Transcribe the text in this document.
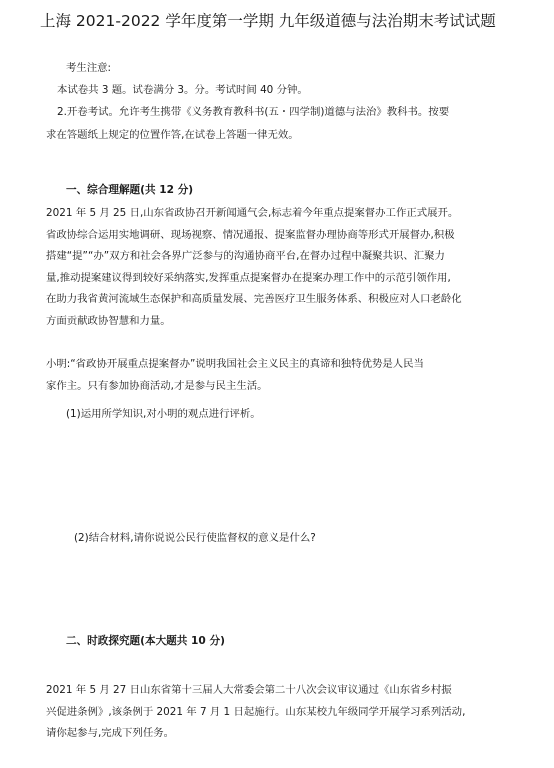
上海 2021-2022 学年度第一学期 九年级道德与法治期末考试试题
考生注意:
本试卷共 3 题。试卷满分 3。分。考试时间 40 分钟。
2.开卷考试。允许考生携带《义务教育教科书(五・四学制)道德与法治》教科书。按要
求在答题纸上规定的位置作答,在试卷上答题一律无效。
一、综合理解题(共 12 分)
2021 年 5 月 25 日,山东省政协召开新闻通气会,标志着今年重点提案督办工作正式展开。
省政协综合运用实地调研、现场视察、情况通报、提案监督办理协商等形式开展督办,积极
搭建“提”“办”双方和社会各界广泛参与的沟通协商平台,在督办过程中凝聚共识、汇聚力
量,推动提案建议得到较好采纳落实,发挥重点提案督办在提案办理工作中的示范引领作用,
在助力我省黄河流域生态保护和高质量发展、完善医疗卫生服务体系、积极应对人口老龄化
方面贡献政协智慧和力量。
小明:“省政协开展重点提案督办”说明我国社会主义民主的真谛和独特优势是人民当
家作主。只有参加协商活动,才是参与民主生活。
(1)运用所学知识,对小明的观点进行评析。
(2)结合材料,请你说说公民行使监督权的意义是什么?
二、时政探究题(本大题共 10 分)
2021 年 5 月 27 日山东省第十三届人大常委会第二十八次会议审议通过《山东省乡村振
兴促进条例》,该条例于 2021 年 7 月 1 日起施行。山东某校九年级同学开展学习系列活动,
请你起参与,完成下列任务。
